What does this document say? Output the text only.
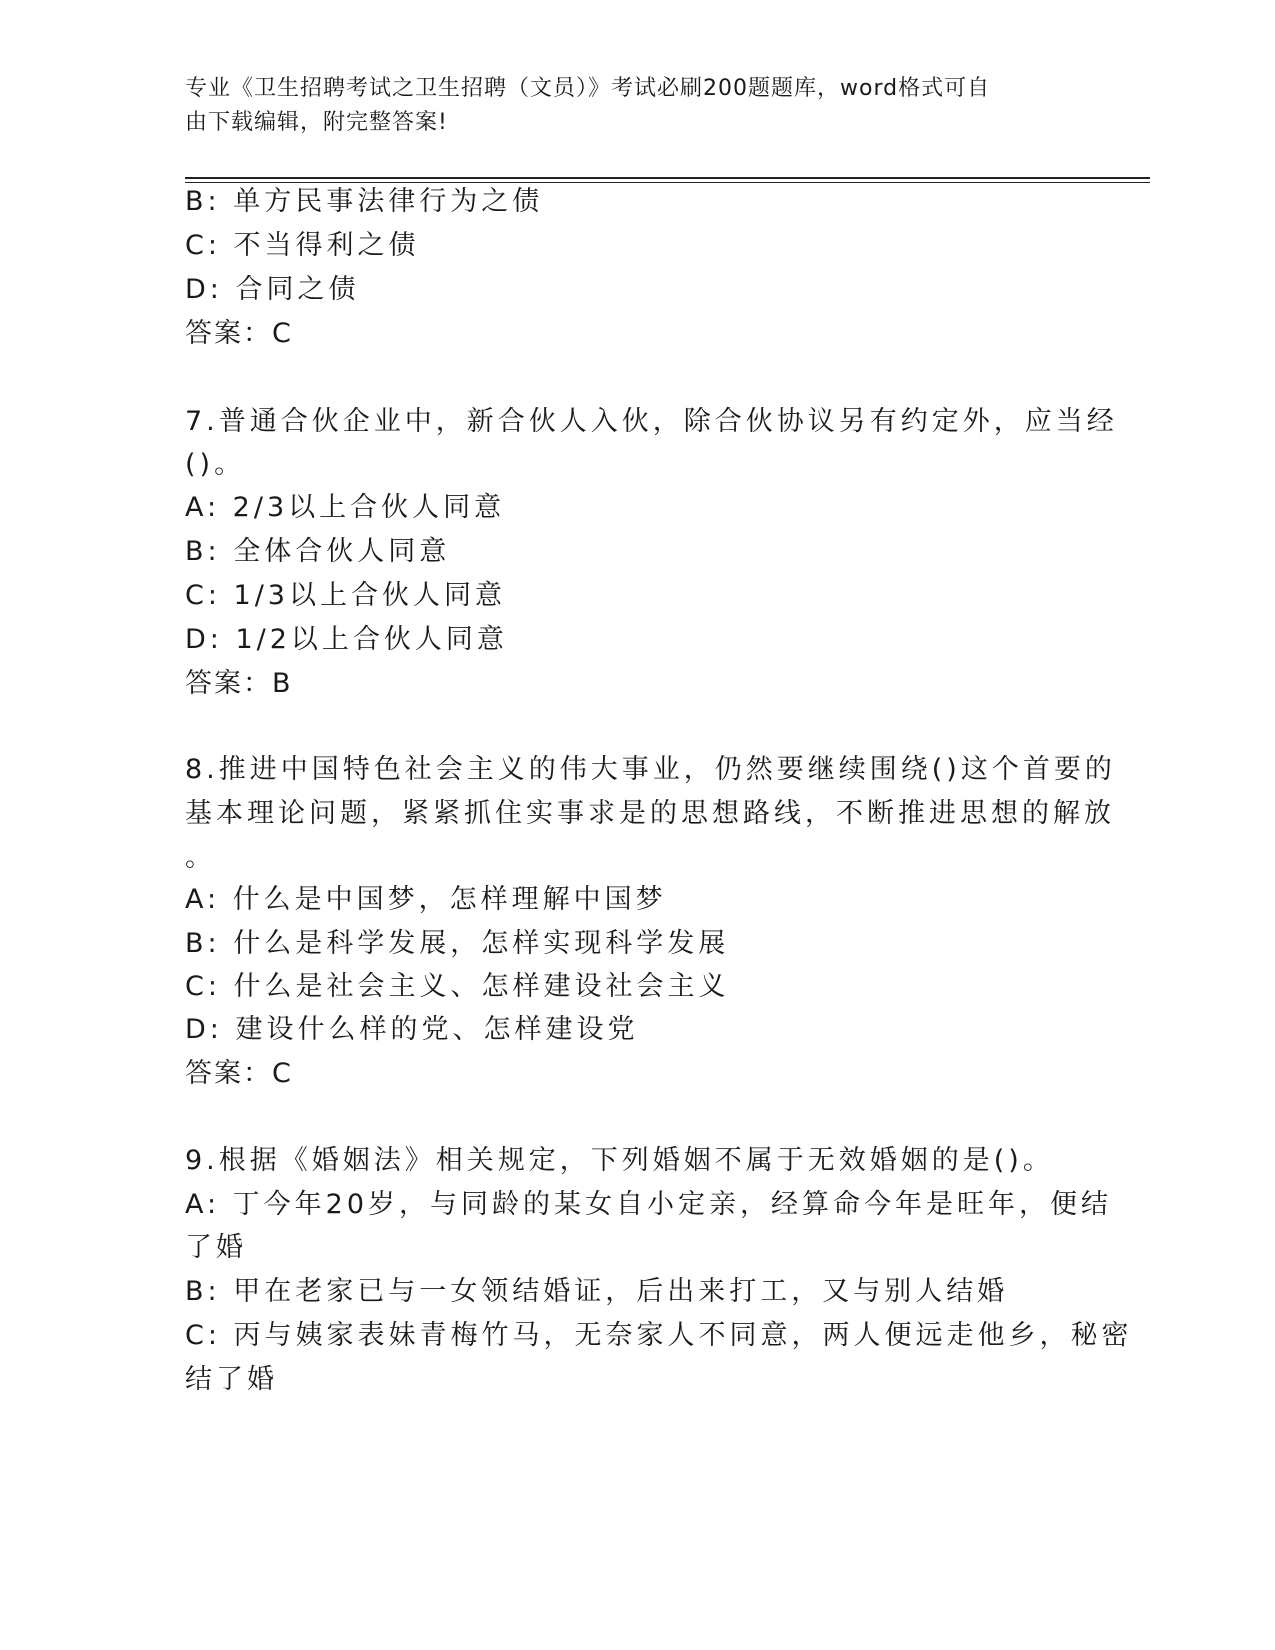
专业《卫生招聘考试之卫生招聘（文员）》考试必刷200题题库，word格式可自
由下载编辑，附完整答案!
B: 单方民事法律行为之债
C: 不当得利之债
D: 合同之债
答案：C
7.普通合伙企业中，新合伙人入伙，除合伙协议另有约定外，应当经
()。
A: 2/3以上合伙人同意
B: 全体合伙人同意
C: 1/3以上合伙人同意
D: 1/2以上合伙人同意
答案：B
8.推进中国特色社会主义的伟大事业，仍然要继续围绕()这个首要的
基本理论问题，紧紧抓住实事求是的思想路线，不断推进思想的解放
。
A: 什么是中国梦，怎样理解中国梦
B: 什么是科学发展，怎样实现科学发展
C: 什么是社会主义、怎样建设社会主义
D: 建设什么样的党、怎样建设党
答案：C
9.根据《婚姻法》相关规定，下列婚姻不属于无效婚姻的是()。
A: 丁今年20岁，与同龄的某女自小定亲，经算命今年是旺年，便结
了婚
B: 甲在老家已与一女领结婚证，后出来打工，又与别人结婚
C: 丙与姨家表妹青梅竹马，无奈家人不同意，两人便远走他乡，秘密
结了婚
